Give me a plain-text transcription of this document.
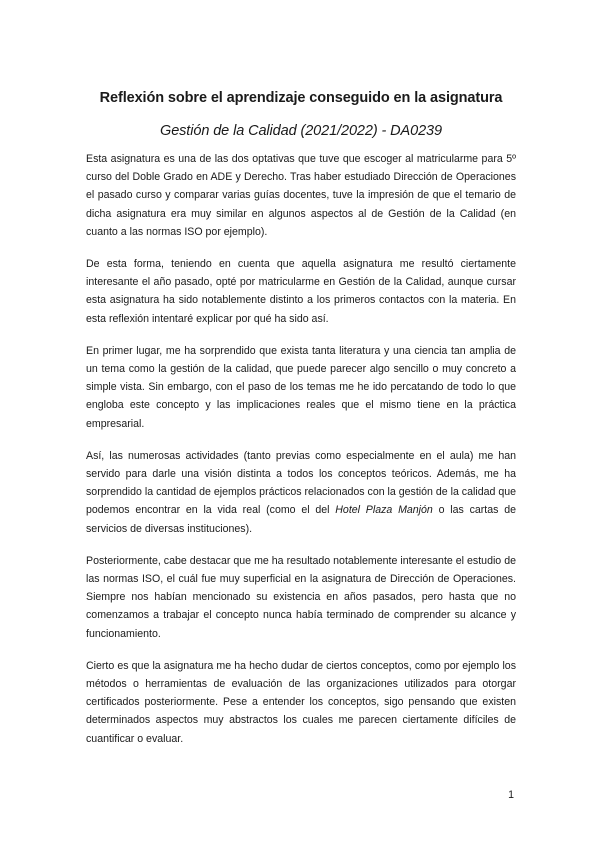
Reflexión sobre el aprendizaje conseguido en la asignatura
Gestión de la Calidad (2021/2022) - DA0239

Esta asignatura es una de las dos optativas que tuve que escoger al matricularme para 5º curso del Doble Grado en ADE y Derecho. Tras haber estudiado Dirección de Operaciones el pasado curso y comparar varias guías docentes, tuve la impresión de que el temario de dicha asignatura era muy similar en algunos aspectos al de Gestión de la Calidad (en cuanto a las normas ISO por ejemplo).

De esta forma, teniendo en cuenta que aquella asignatura me resultó ciertamente interesante el año pasado, opté por matricularme en Gestión de la Calidad, aunque cursar esta asignatura ha sido notablemente distinto a los primeros contactos con la materia. En esta reflexión intentaré explicar por qué ha sido así.

En primer lugar, me ha sorprendido que exista tanta literatura y una ciencia tan amplia de un tema como la gestión de la calidad, que puede parecer algo sencillo o muy concreto a simple vista. Sin embargo, con el paso de los temas me he ido percatando de todo lo que engloba este concepto y las implicaciones reales que el mismo tiene en la práctica empresarial.

Así, las numerosas actividades (tanto previas como especialmente en el aula) me han servido para darle una visión distinta a todos los conceptos teóricos. Además, me ha sorprendido la cantidad de ejemplos prácticos relacionados con la gestión de la calidad que podemos encontrar en la vida real (como el del Hotel Plaza Manjón o las cartas de servicios de diversas instituciones).

Posteriormente, cabe destacar que me ha resultado notablemente interesante el estudio de las normas ISO, el cuál fue muy superficial en la asignatura de Dirección de Operaciones. Siempre nos habían mencionado su existencia en años pasados, pero hasta que no comenzamos a trabajar el concepto nunca había terminado de comprender su alcance y funcionamiento.

Cierto es que la asignatura me ha hecho dudar de ciertos conceptos, como por ejemplo los métodos o herramientas de evaluación de las organizaciones utilizados para otorgar certificados posteriormente. Pese a entender los conceptos, sigo pensando que existen determinados aspectos muy abstractos los cuales me parecen ciertamente difíciles de cuantificar o evaluar.

1
